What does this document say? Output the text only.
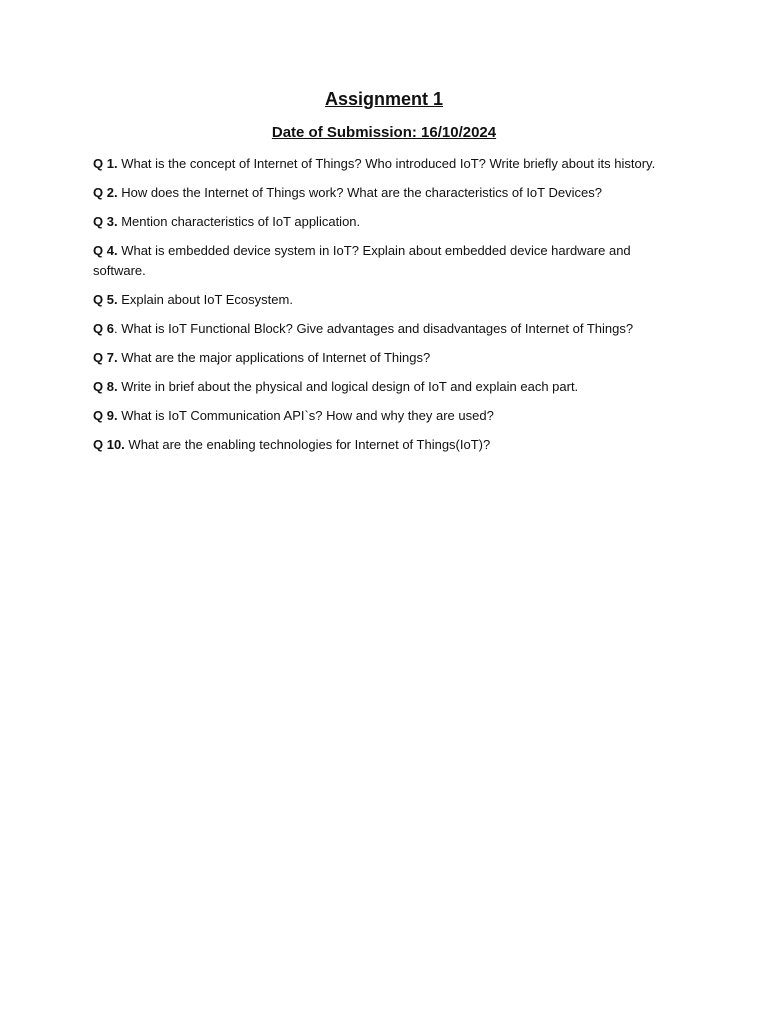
Assignment 1
Date of Submission: 16/10/2024
Q 1. What is the concept of Internet of Things? Who introduced IoT? Write briefly about its history.
Q 2. How does the Internet of Things work? What are the characteristics of IoT Devices?
Q 3. Mention characteristics of IoT application.
Q 4. What is embedded device system in IoT? Explain about embedded device hardware and software.
Q 5. Explain about IoT Ecosystem.
Q 6. What is IoT Functional Block? Give advantages and disadvantages of Internet of Things?
Q 7. What are the major applications of Internet of Things?
Q 8. Write in brief about the physical and logical design of IoT and explain each part.
Q 9. What is IoT Communication API`s? How and why they are used?
Q 10. What are the enabling technologies for Internet of Things(IoT)?
